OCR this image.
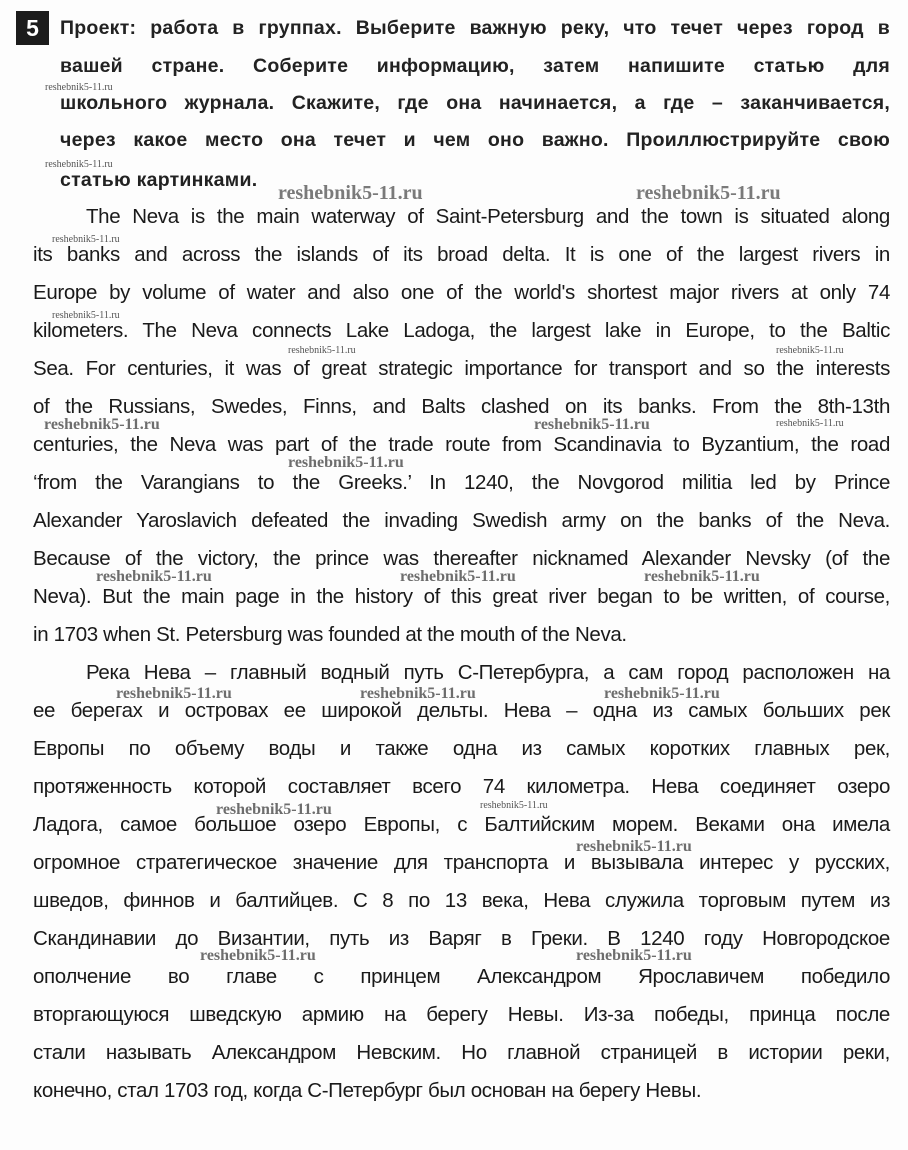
5	Проект: работа в группах. Выберите важную реку, что течет через город в
вашей стране. Соберите информацию, затем напишите статью для
школьного журнала. Скажите, где она начинается, а где – заканчивается,
через какое место она течет и чем оно важно. Проиллюстрируйте свою
статью картинками.
The Neva is the main waterway of Saint-Petersburg and the town is situated along
its banks and across the islands of its broad delta. It is one of the largest rivers in
Europe by volume of water and also one of the world's shortest major rivers at only 74
kilometers. The Neva connects Lake Ladoga, the largest lake in Europe, to the Baltic
Sea. For centuries, it was of great strategic importance for transport and so the interests
of the Russians, Swedes, Finns, and Balts clashed on its banks. From the 8th-13th
centuries, the Neva was part of the trade route from Scandinavia to Byzantium, the road
‘from the Varangians to the Greeks.’ In 1240, the Novgorod militia led by Prince
Alexander Yaroslavich defeated the invading Swedish army on the banks of the Neva.
Because of the victory, the prince was thereafter nicknamed Alexander Nevsky (of the
Neva). But the main page in the history of this great river began to be written, of course,
in 1703 when St. Petersburg was founded at the mouth of the Neva.
Река Нева – главный водный путь С-Петербурга, а сам город расположен на
ее берегах и островах ее широкой дельты. Нева – одна из самых больших рек
Европы по объему воды и также одна из самых коротких главных рек,
протяженность которой составляет всего 74 километра. Нева соединяет озеро
Ладога, самое большое озеро Европы, с Балтийским морем. Веками она имела
огромное стратегическое значение для транспорта и вызывала интерес у русских,
шведов, финнов и балтийцев. С 8 по 13 века, Нева служила торговым путем из
Скандинавии до Византии, путь из Варяг в Греки. В 1240 году Новгородское
ополчение во главе с принцем Александром Ярославичем победило
вторгающуюся шведскую армию на берегу Невы. Из-за победы, принца после
стали называть Александром Невским. Но главной страницей в истории реки,
конечно, стал 1703 год, когда С-Петербург был основан на берегу Невы.
reshebnik5-11.ru
reshebnik5-11.ru
reshebnik5-11.ru	reshebnik5-11.ru
reshebnik5-11.ru
reshebnik5-11.ru
reshebnik5-11.ru	reshebnik5-11.ru
reshebnik5-11.ru	reshebnik5-11.ru	reshebnik5-11.ru
reshebnik5-11.ru
reshebnik5-11.ru	reshebnik5-11.ru	reshebnik5-11.ru
reshebnik5-11.ru	reshebnik5-11.ru	reshebnik5-11.ru
reshebnik5-11.ru	reshebnik5-11.ru
reshebnik5-11.ru
reshebnik5-11.ru	reshebnik5-11.ru
